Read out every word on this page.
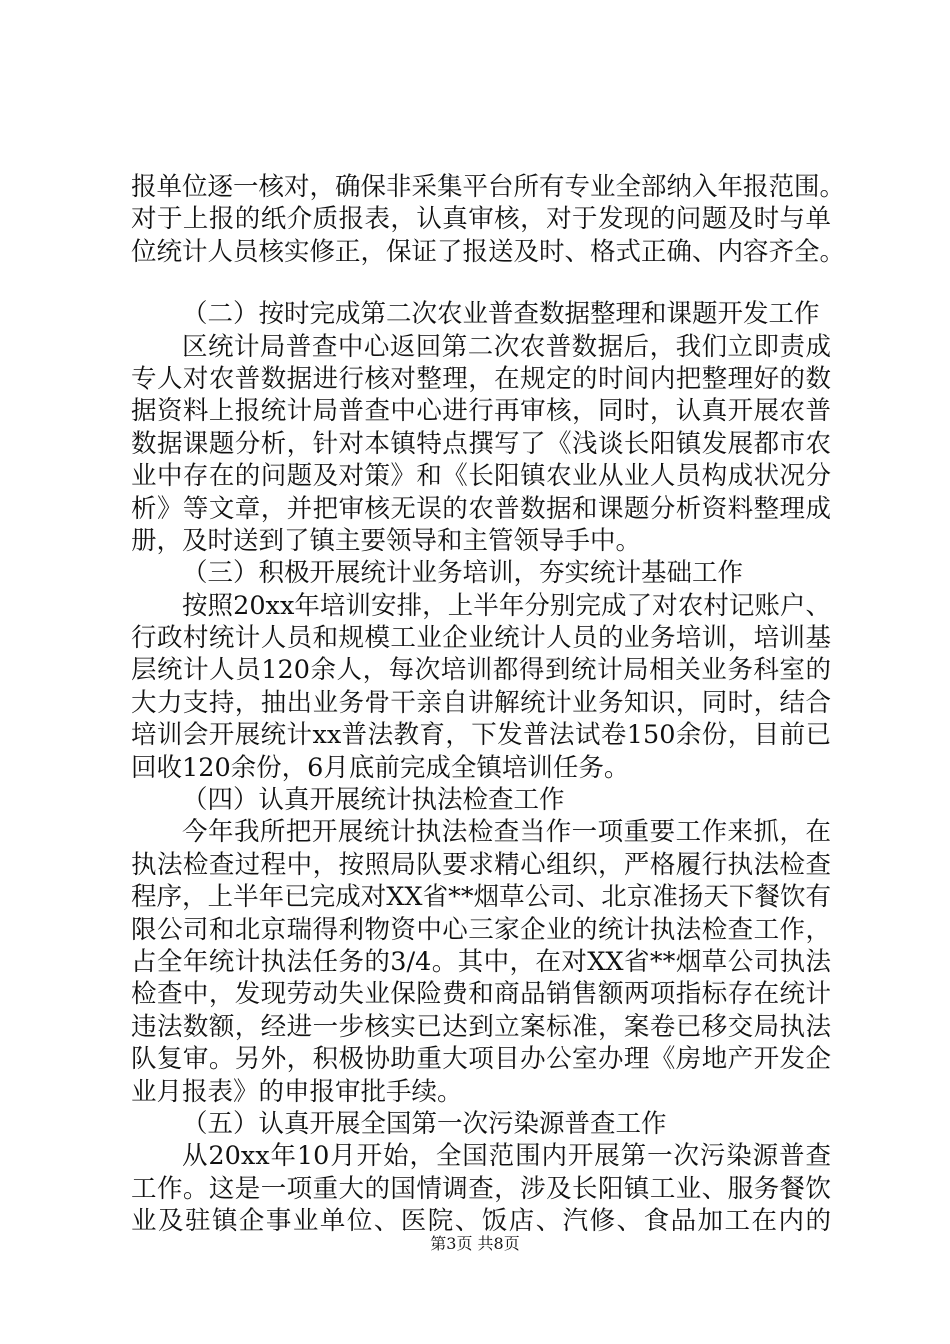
报单位逐一核对，确保非采集平台所有专业全部纳入年报范围。
对于上报的纸介质报表，认真审核，对于发现的问题及时与单
位统计人员核实修正，保证了报送及时、格式正确、内容齐全。
（二）按时完成第二次农业普查数据整理和课题开发工作
区统计局普查中心返回第二次农普数据后，我们立即责成
专人对农普数据进行核对整理，在规定的时间内把整理好的数
据资料上报统计局普查中心进行再审核，同时，认真开展农普
数据课题分析，针对本镇特点撰写了《浅谈长阳镇发展都市农
业中存在的问题及对策》和《长阳镇农业从业人员构成状况分
析》等文章，并把审核无误的农普数据和课题分析资料整理成
册，及时送到了镇主要领导和主管领导手中。
（三）积极开展统计业务培训，夯实统计基础工作
按照20xx年培训安排，上半年分别完成了对农村记账户、
行政村统计人员和规模工业企业统计人员的业务培训，培训基
层统计人员120余人，每次培训都得到统计局相关业务科室的
大力支持，抽出业务骨干亲自讲解统计业务知识，同时，结合
培训会开展统计xx普法教育，下发普法试卷150余份，目前已
回收120余份，6月底前完成全镇培训任务。
（四）认真开展统计执法检查工作
今年我所把开展统计执法检查当作一项重要工作来抓，在
执法检查过程中，按照局队要求精心组织，严格履行执法检查
程序，上半年已完成对XX省**烟草公司、北京准扬天下餐饮有
限公司和北京瑞得利物资中心三家企业的统计执法检查工作，
占全年统计执法任务的3/4。其中，在对XX省**烟草公司执法
检查中，发现劳动失业保险费和商品销售额两项指标存在统计
违法数额，经进一步核实已达到立案标准，案卷已移交局执法
队复审。另外，积极协助重大项目办公室办理《房地产开发企
业月报表》的申报审批手续。
（五）认真开展全国第一次污染源普查工作
从20xx年10月开始，全国范围内开展第一次污染源普查
工作。这是一项重大的国情调查，涉及长阳镇工业、服务餐饮
业及驻镇企事业单位、医院、饭店、汽修、食品加工在内的
第3页 共8页
